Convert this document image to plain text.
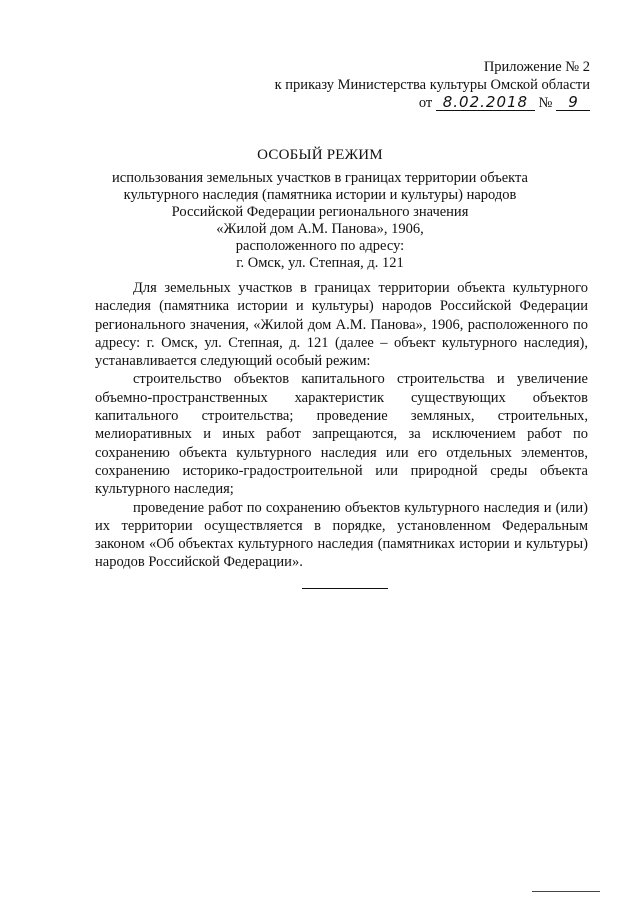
Приложение № 2
к приказу Министерства культуры Омской области
от 8.02.2018 № 9
ОСОБЫЙ РЕЖИМ
использования земельных участков в границах территории объекта
культурного наследия (памятника истории и культуры) народов
Российской Федерации регионального значения
«Жилой дом А.М. Панова», 1906,
расположенного по адресу:
г. Омск, ул. Степная, д. 121

Для земельных участков в границах территории объекта культурного наследия (памятника истории и культуры) народов Российской Федерации регионального значения, «Жилой дом А.М. Панова», 1906, расположенного по адресу: г. Омск, ул. Степная, д. 121 (далее – объект культурного наследия), устанавливается следующий особый режим:

строительство объектов капитального строительства и увеличение объемно-пространственных характеристик существующих объектов капитального строительства; проведение земляных, строительных, мелиоративных и иных работ запрещаются, за исключением работ по сохранению объекта культурного наследия или его отдельных элементов, сохранению историко-градостроительной или природной среды объекта культурного наследия;

проведение работ по сохранению объектов культурного наследия и (или) их территории осуществляется в порядке, установленном Федеральным законом «Об объектах культурного наследия (памятниках истории и культуры) народов Российской Федерации».
